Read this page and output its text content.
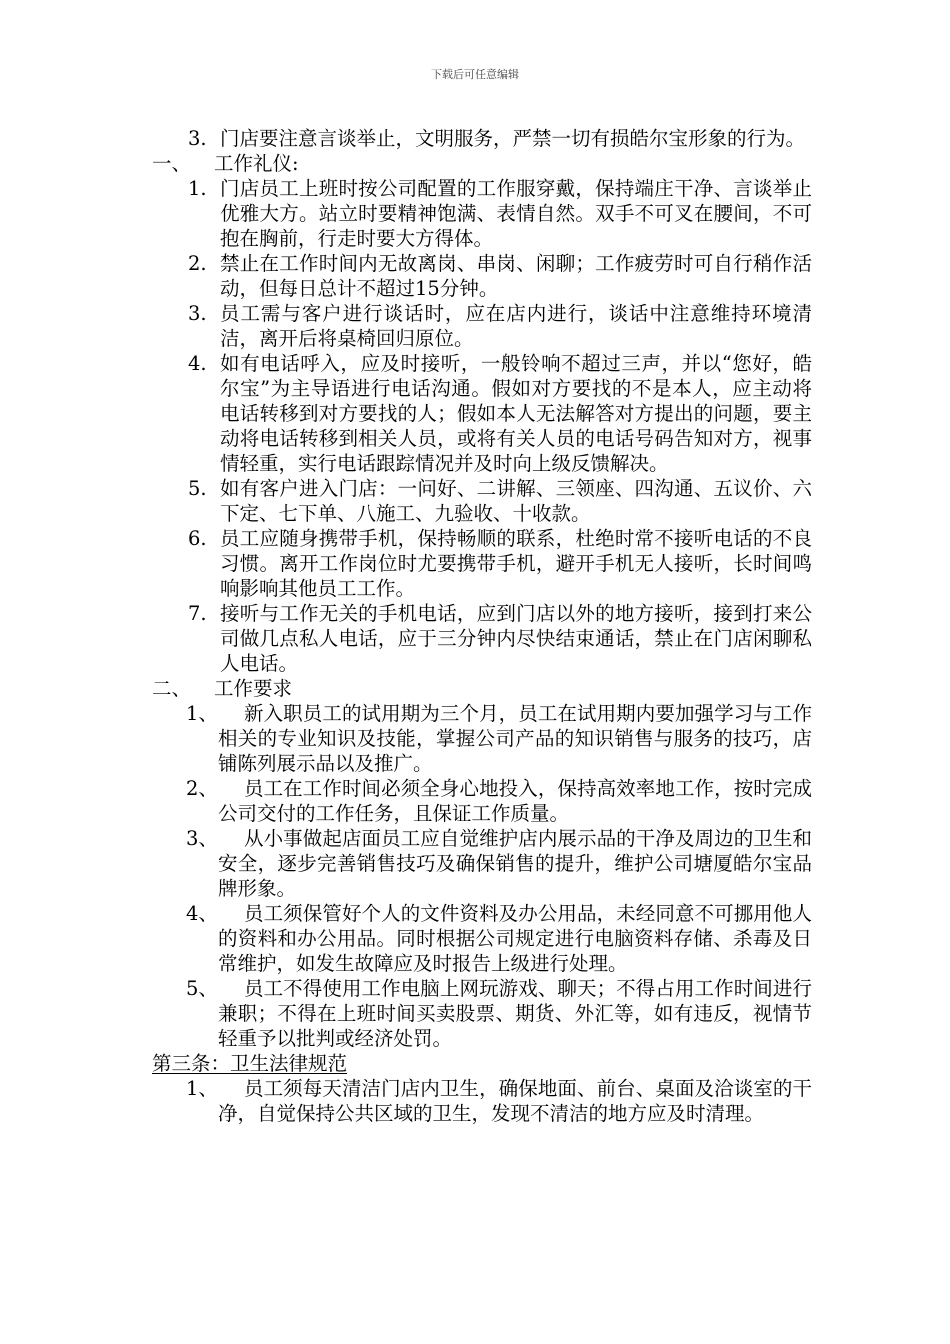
下载后可任意编辑
3. 门店要注意言谈举止，文明服务，严禁一切有损皓尔宝形象的行为。
一、 工作礼仪:
1. 门店员工上班时按公司配置的工作服穿戴，保持端庄干净、言谈举止优雅大方。站立时要精神饱满、表情自然。双手不可叉在腰间，不可抱在胸前，行走时要大方得体。
2. 禁止在工作时间内无故离岗、串岗、闲聊；工作疲劳时可自行稍作活动，但每日总计不超过15分钟。
3. 员工需与客户进行谈话时，应在店内进行，谈话中注意维持环境清洁，离开后将桌椅回归原位。
4. 如有电话呼入，应及时接听，一般铃响不超过三声，并以“您好，皓尔宝”为主导语进行电话沟通。假如对方要找的不是本人，应主动将电话转移到对方要找的人；假如本人无法解答对方提出的问题，要主动将电话转移到相关人员，或将有关人员的电话号码告知对方，视事情轻重，实行电话跟踪情况并及时向上级反馈解决。
5. 如有客户进入门店：一问好、二讲解、三领座、四沟通、五议价、六下定、七下单、八施工、九验收、十收款。
6. 员工应随身携带手机，保持畅顺的联系，杜绝时常不接听电话的不良习惯。离开工作岗位时尤要携带手机，避开手机无人接听，长时间鸣响影响其他员工工作。
7. 接听与工作无关的手机电话，应到门店以外的地方接听，接到打来公司做几点私人电话，应于三分钟内尽快结束通话，禁止在门店闲聊私人电话。
二、 工作要求
1、	新入职员工的试用期为三个月，员工在试用期内要加强学习与工作相关的专业知识及技能，掌握公司产品的知识销售与服务的技巧，店铺陈列展示品以及推广。
2、	员工在工作时间必须全身心地投入，保持高效率地工作，按时完成公司交付的工作任务，且保证工作质量。
3、	从小事做起店面员工应自觉维护店内展示品的干净及周边的卫生和安全，逐步完善销售技巧及确保销售的提升，维护公司塘厦皓尔宝品牌形象。
4、	员工须保管好个人的文件资料及办公用品，未经同意不可挪用他人的资料和办公用品。同时根据公司规定进行电脑资料存储、杀毒及日常维护，如发生故障应及时报告上级进行处理。
5、	员工不得使用工作电脑上网玩游戏、聊天；不得占用工作时间进行兼职；不得在上班时间买卖股票、期货、外汇等，如有违反，视情节轻重予以批判或经济处罚。
第三条：卫生法律规范
1、	员工须每天清洁门店内卫生，确保地面、前台、桌面及洽谈室的干净，自觉保持公共区域的卫生，发现不清洁的地方应及时清理。
